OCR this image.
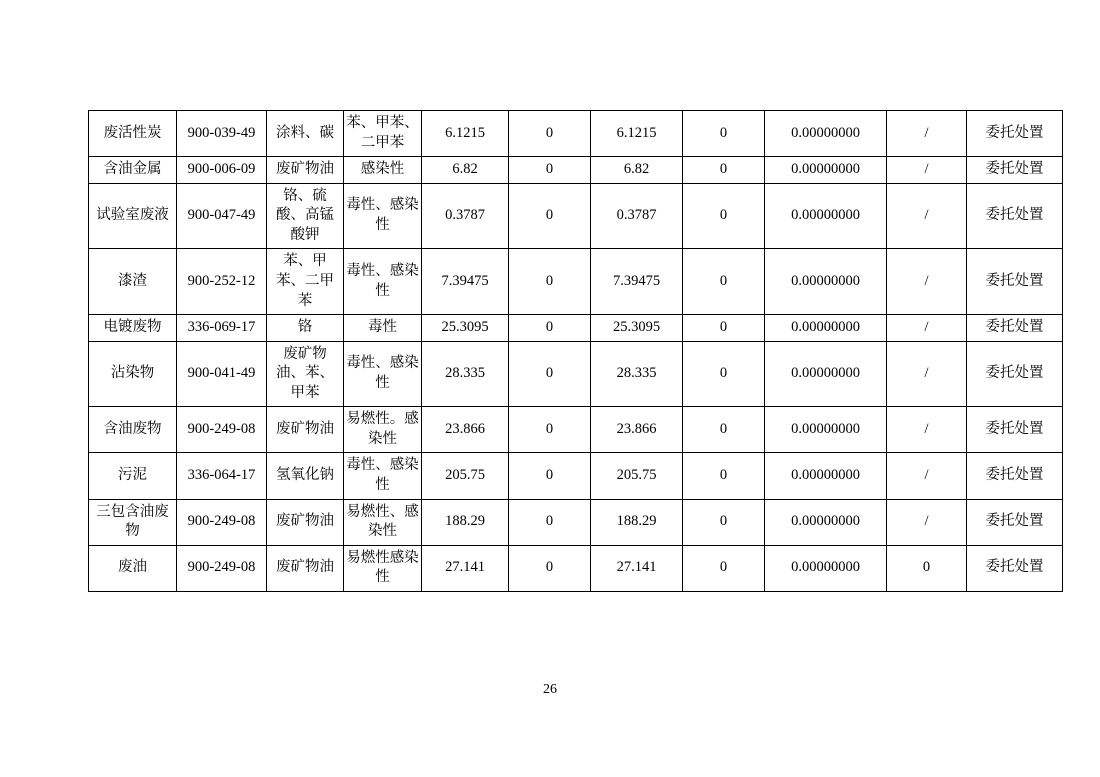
废活性炭	900-039-49	涂料、碳	苯、甲苯、二甲苯	6.1215	0	6.1215	0	0.00000000	/	委托处置
含油金属	900-006-09	废矿物油	感染性	6.82	0	6.82	0	0.00000000	/	委托处置
试验室废液	900-047-49	铬、硫酸、高锰酸钾	毒性、感染性	0.3787	0	0.3787	0	0.00000000	/	委托处置
漆渣	900-252-12	苯、甲苯、二甲苯	毒性、感染性	7.39475	0	7.39475	0	0.00000000	/	委托处置
电镀废物	336-069-17	铬	毒性	25.3095	0	25.3095	0	0.00000000	/	委托处置
沾染物	900-041-49	废矿物油、苯、甲苯	毒性、感染性	28.335	0	28.335	0	0.00000000	/	委托处置
含油废物	900-249-08	废矿物油	易燃性。感染性	23.866	0	23.866	0	0.00000000	/	委托处置
污泥	336-064-17	氢氧化钠	毒性、感染性	205.75	0	205.75	0	0.00000000	/	委托处置
三包含油废物	900-249-08	废矿物油	易燃性、感染性	188.29	0	188.29	0	0.00000000	/	委托处置
废油	900-249-08	废矿物油	易燃性感染性	27.141	0	27.141	0	0.00000000	0	委托处置
26
